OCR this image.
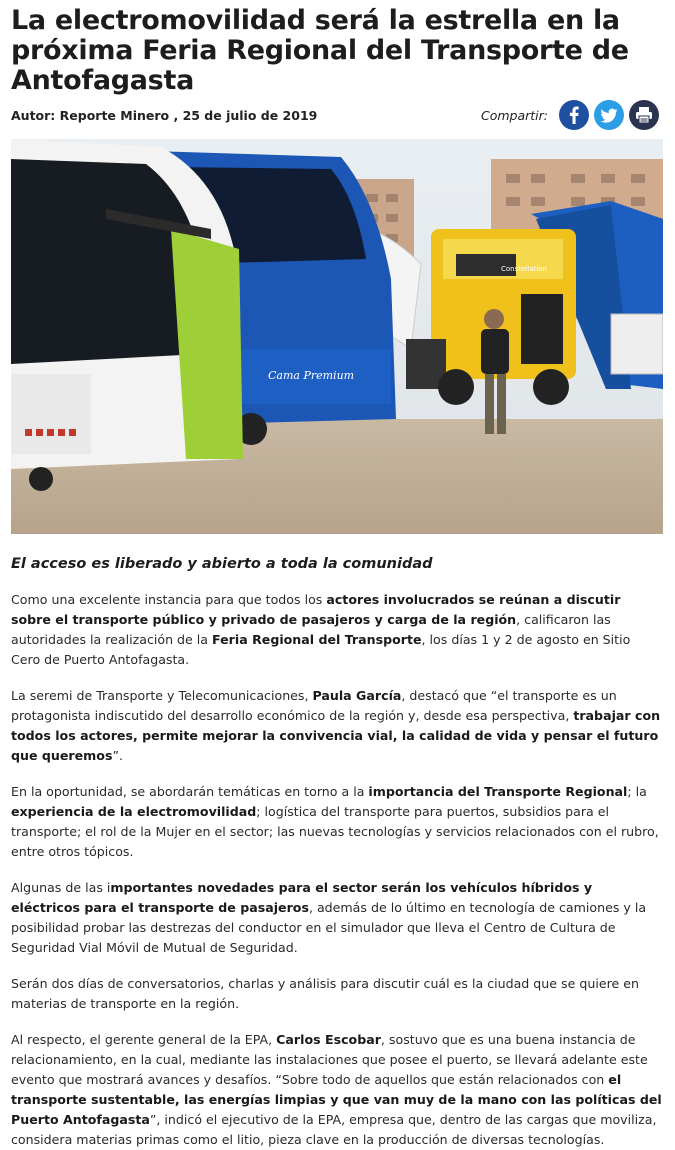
La electromovilidad será la estrella en la próxima Feria Regional del Transporte de Antofagasta
Autor: Reporte Minero , 25 de julio de 2019	Compartir:
Cama Premium
Constellation
El acceso es liberado y abierto a toda la comunidad

Como una excelente instancia para que todos los actores involucrados se reúnan a discutir sobre el transporte público y privado de pasajeros y carga de la región, calificaron las autoridades la realización de la Feria Regional del Transporte, los días 1 y 2 de agosto en Sitio Cero de Puerto Antofagasta.

La seremi de Transporte y Telecomunicaciones, Paula García, destacó que “el transporte es un protagonista indiscutido del desarrollo económico de la región y, desde esa perspectiva, trabajar con todos los actores, permite mejorar la convivencia vial, la calidad de vida y pensar el futuro que queremos”.

En la oportunidad, se abordarán temáticas en torno a la importancia del Transporte Regional; la experiencia de la electromovilidad; logística del transporte para puertos, subsidios para el transporte; el rol de la Mujer en el sector; las nuevas tecnologías y servicios relacionados con el rubro, entre otros tópicos.

Algunas de las importantes novedades para el sector serán los vehículos híbridos y eléctricos para el transporte de pasajeros, además de lo último en tecnología de camiones y la posibilidad probar las destrezas del conductor en el simulador que lleva el Centro de Cultura de Seguridad Vial Móvil de Mutual de Seguridad.

Serán dos días de conversatorios, charlas y análisis para discutir cuál es la ciudad que se quiere en materias de transporte en la región.

Al respecto, el gerente general de la EPA, Carlos Escobar, sostuvo que es una buena instancia de relacionamiento, en la cual, mediante las instalaciones que posee el puerto, se llevará adelante este evento que mostrará avances y desafíos. “Sobre todo de aquellos que están relacionados con el transporte sustentable, las energías limpias y que van muy de la mano con las políticas del Puerto Antofagasta”, indicó el ejecutivo de la EPA, empresa que, dentro de las cargas que moviliza, considera materias primas como el litio, pieza clave en la producción de diversas tecnologías.
